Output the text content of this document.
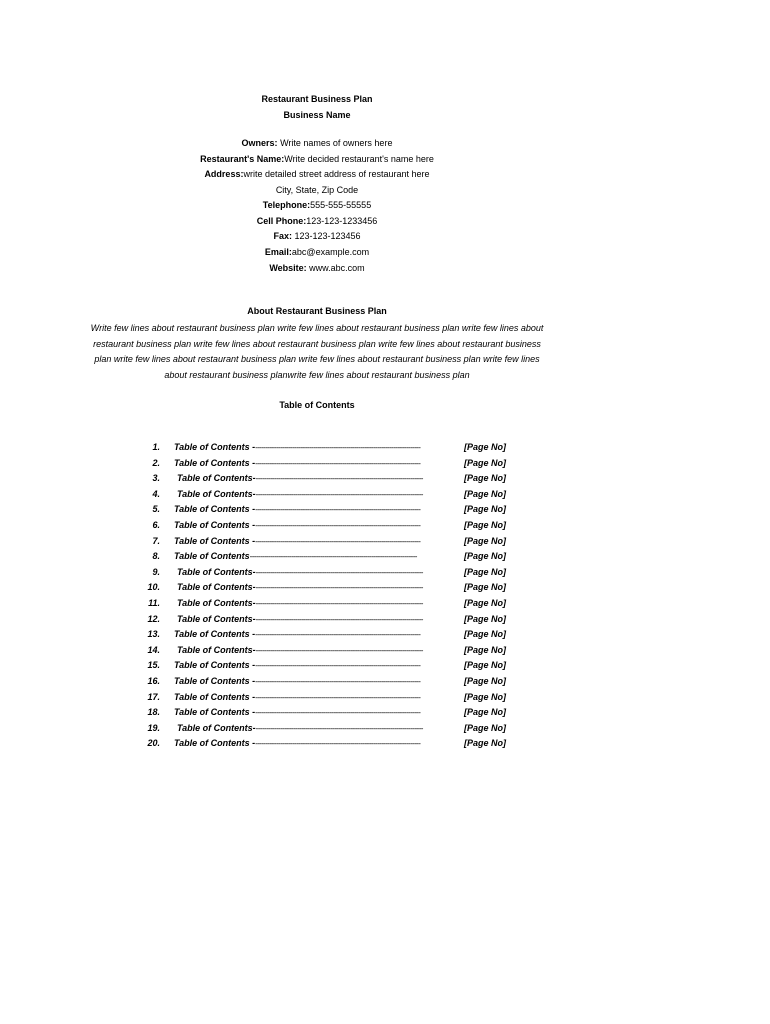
Restaurant Business Plan
Business Name
Owners: Write names of owners here
Restaurant's Name:Write decided restaurant's name here
Address:write detailed street address of restaurant here
City, State, Zip Code
Telephone:555-555-55555
Cell Phone:123-123-1233456
Fax: 123-123-123456
Email:abc@example.com
Website: www.abc.com
About Restaurant Business Plan
Write few lines about restaurant business plan write few lines about restaurant business plan write few lines about restaurant business plan write few lines about restaurant business plan write few lines about restaurant business plan write few lines about restaurant business plan write few lines about restaurant business plan write few lines about restaurant business planwrite few lines about restaurant business plan
Table of Contents
1. Table of Contents - --------------------------------------------------------------------------------	[Page No]
2. Table of Contents - --------------------------------------------------------------------------------	[Page No]
3. Table of Contents- ---------------------------------------------------------------------------------	[Page No]
4. Table of Contents- ---------------------------------------------------------------------------------	[Page No]
5. Table of Contents - --------------------------------------------------------------------------------	[Page No]
6. Table of Contents - --------------------------------------------------------------------------------	[Page No]
7. Table of Contents - --------------------------------------------------------------------------------	[Page No]
8. Table of Contents ---------------------------------------------------------------------------------	[Page No]
9. Table of Contents- ---------------------------------------------------------------------------------	[Page No]
10. Table of Contents- ---------------------------------------------------------------------------------	[Page No]
11. Table of Contents- ---------------------------------------------------------------------------------	[Page No]
12. Table of Contents- ---------------------------------------------------------------------------------	[Page No]
13. Table of Contents - --------------------------------------------------------------------------------	[Page No]
14. Table of Contents- ---------------------------------------------------------------------------------	[Page No]
15. Table of Contents - --------------------------------------------------------------------------------	[Page No]
16. Table of Contents - --------------------------------------------------------------------------------	[Page No]
17. Table of Contents - --------------------------------------------------------------------------------	[Page No]
18. Table of Contents - --------------------------------------------------------------------------------	[Page No]
19. Table of Contents- ---------------------------------------------------------------------------------	[Page No]
20. Table of Contents - --------------------------------------------------------------------------------	[Page No]
